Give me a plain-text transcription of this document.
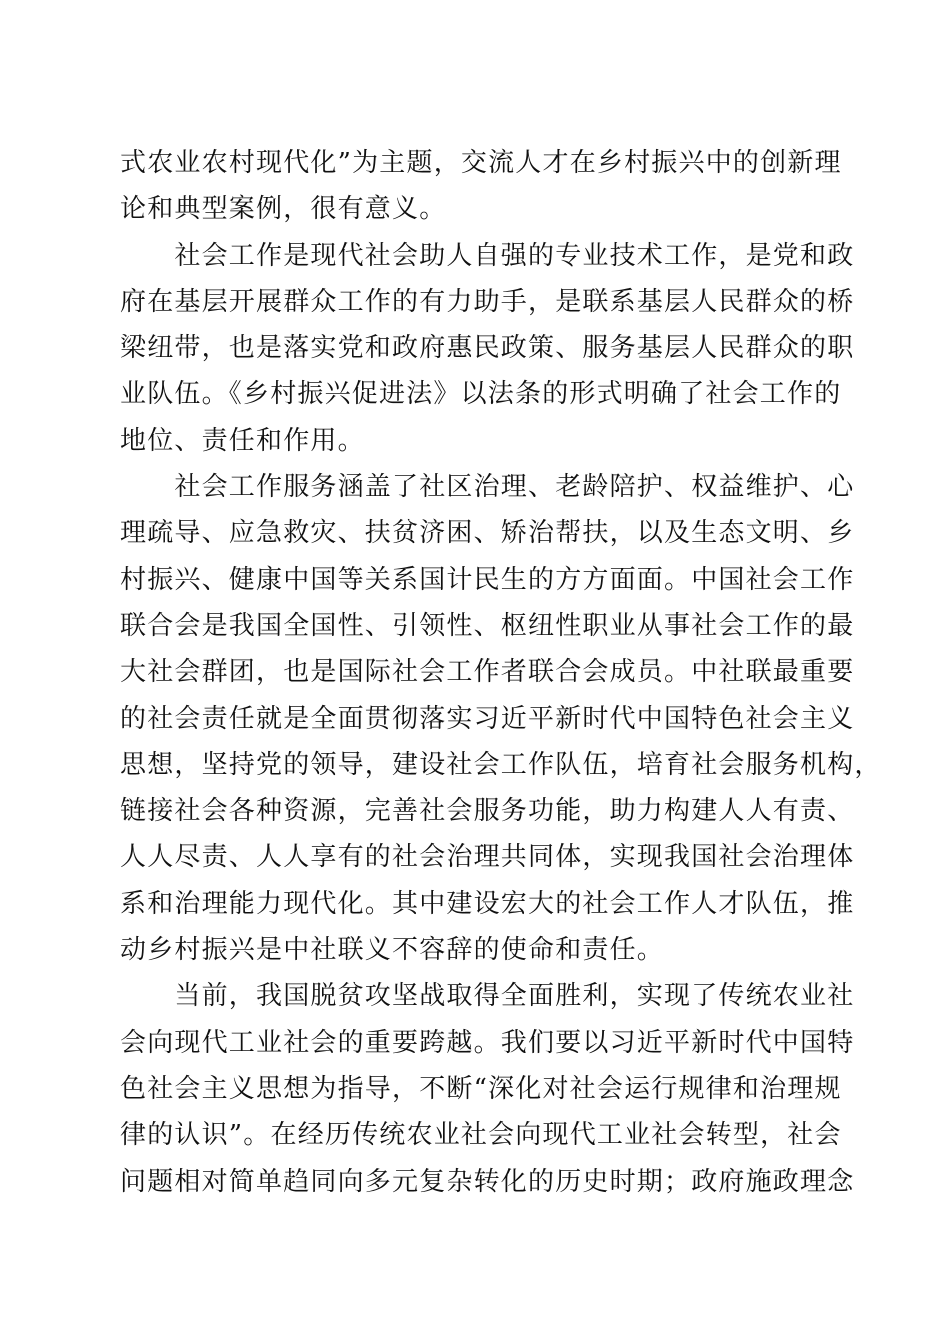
式农业农村现代化”为主题，交流人才在乡村振兴中的创新理
论和典型案例，很有意义。
　　社会工作是现代社会助人自强的专业技术工作，是党和政
府在基层开展群众工作的有力助手，是联系基层人民群众的桥
梁纽带，也是落实党和政府惠民政策、服务基层人民群众的职
业队伍。《乡村振兴促进法》以法条的形式明确了社会工作的
地位、责任和作用。
　　社会工作服务涵盖了社区治理、老龄陪护、权益维护、心
理疏导、应急救灾、扶贫济困、矫治帮扶，以及生态文明、乡
村振兴、健康中国等关系国计民生的方方面面。中国社会工作
联合会是我国全国性、引领性、枢纽性职业从事社会工作的最
大社会群团，也是国际社会工作者联合会成员。中社联最重要
的社会责任就是全面贯彻落实习近平新时代中国特色社会主义
思想，坚持党的领导，建设社会工作队伍，培育社会服务机构，
链接社会各种资源，完善社会服务功能，助力构建人人有责、
人人尽责、人人享有的社会治理共同体，实现我国社会治理体
系和治理能力现代化。其中建设宏大的社会工作人才队伍，推
动乡村振兴是中社联义不容辞的使命和责任。
　　当前，我国脱贫攻坚战取得全面胜利，实现了传统农业社
会向现代工业社会的重要跨越。我们要以习近平新时代中国特
色社会主义思想为指导，不断“深化对社会运行规律和治理规
律的认识”。在经历传统农业社会向现代工业社会转型，社会
问题相对简单趋同向多元复杂转化的历史时期；政府施政理念
